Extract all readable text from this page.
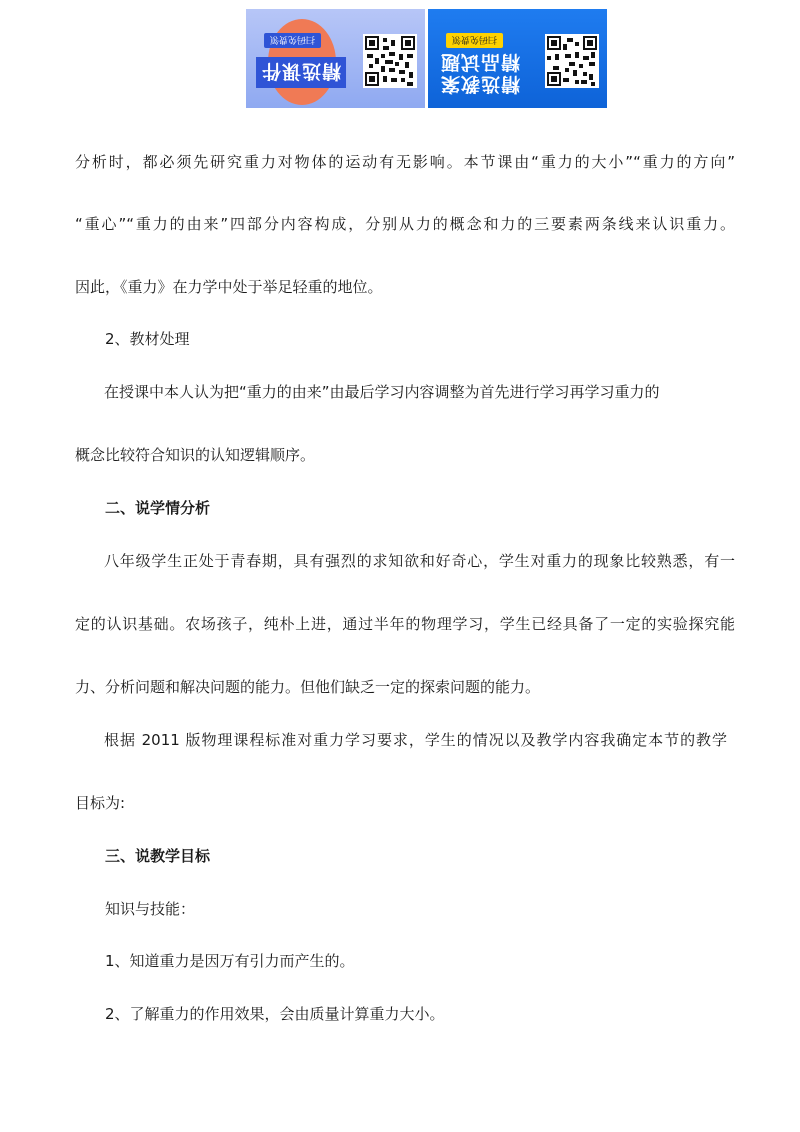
扫码免费领
精选课件
扫码免费领
精选教案
精品试题
分析时，都必须先研究重力对物体的运动有无影响。本节课由“重力的大小”“重力的方向”
“重心”“重力的由来”四部分内容构成，分别从力的概念和力的三要素两条线来认识重力。
因此，《重力》在力学中处于举足轻重的地位。
2、教材处理
在授课中本人认为把“重力的由来”由最后学习内容调整为首先进行学习再学习重力的
概念比较符合知识的认知逻辑顺序。
二、说学情分析
八年级学生正处于青春期，具有强烈的求知欲和好奇心，学生对重力的现象比较熟悉，有一
定的认识基础。农场孩子，纯朴上进，通过半年的物理学习，学生已经具备了一定的实验探究能
力、分析问题和解决问题的能力。但他们缺乏一定的探索问题的能力。
根据 2011 版物理课程标准对重力学习要求，学生的情况以及教学内容我确定本节的教学
目标为:
三、说教学目标
知识与技能：
1、知道重力是因万有引力而产生的。
2、了解重力的作用效果，会由质量计算重力大小。
